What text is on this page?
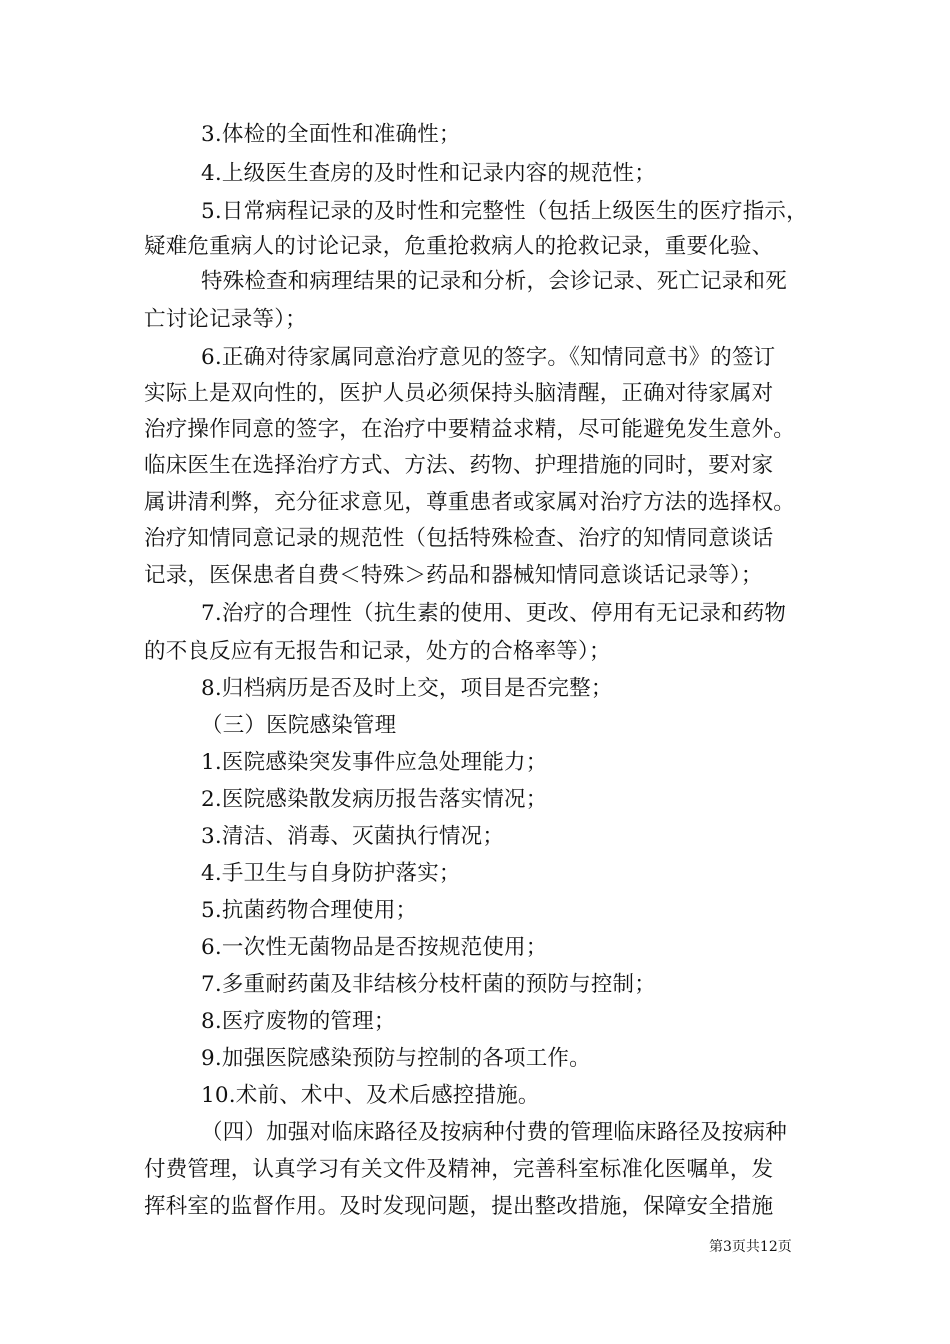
3.体检的全面性和准确性；
4.上级医生查房的及时性和记录内容的规范性；
5.日常病程记录的及时性和完整性（包括上级医生的医疗指示，
疑难危重病人的讨论记录，危重抢救病人的抢救记录，重要化验、
特殊检查和病理结果的记录和分析，会诊记录、死亡记录和死
亡讨论记录等）；
6.正确对待家属同意治疗意见的签字。《知情同意书》的签订
实际上是双向性的，医护人员必须保持头脑清醒，正确对待家属对
治疗操作同意的签字，在治疗中要精益求精，尽可能避免发生意外。
临床医生在选择治疗方式、方法、药物、护理措施的同时，要对家
属讲清利弊，充分征求意见，尊重患者或家属对治疗方法的选择权。
治疗知情同意记录的规范性（包括特殊检查、治疗的知情同意谈话
记录，医保患者自费＜特殊＞药品和器械知情同意谈话记录等）；
7.治疗的合理性（抗生素的使用、更改、停用有无记录和药物
的不良反应有无报告和记录，处方的合格率等）；
8.归档病历是否及时上交，项目是否完整；
（三）医院感染管理
1.医院感染突发事件应急处理能力；
2.医院感染散发病历报告落实情况；
3.清洁、消毒、灭菌执行情况；
4.手卫生与自身防护落实；
5.抗菌药物合理使用；
6.一次性无菌物品是否按规范使用；
7.多重耐药菌及非结核分枝杆菌的预防与控制；
8.医疗废物的管理；
9.加强医院感染预防与控制的各项工作。
10.术前、术中、及术后感控措施。
（四）加强对临床路径及按病种付费的管理临床路径及按病种
付费管理，认真学习有关文件及精神，完善科室标准化医嘱单，发
挥科室的监督作用。及时发现问题，提出整改措施，保障安全措施
第3页共12页
